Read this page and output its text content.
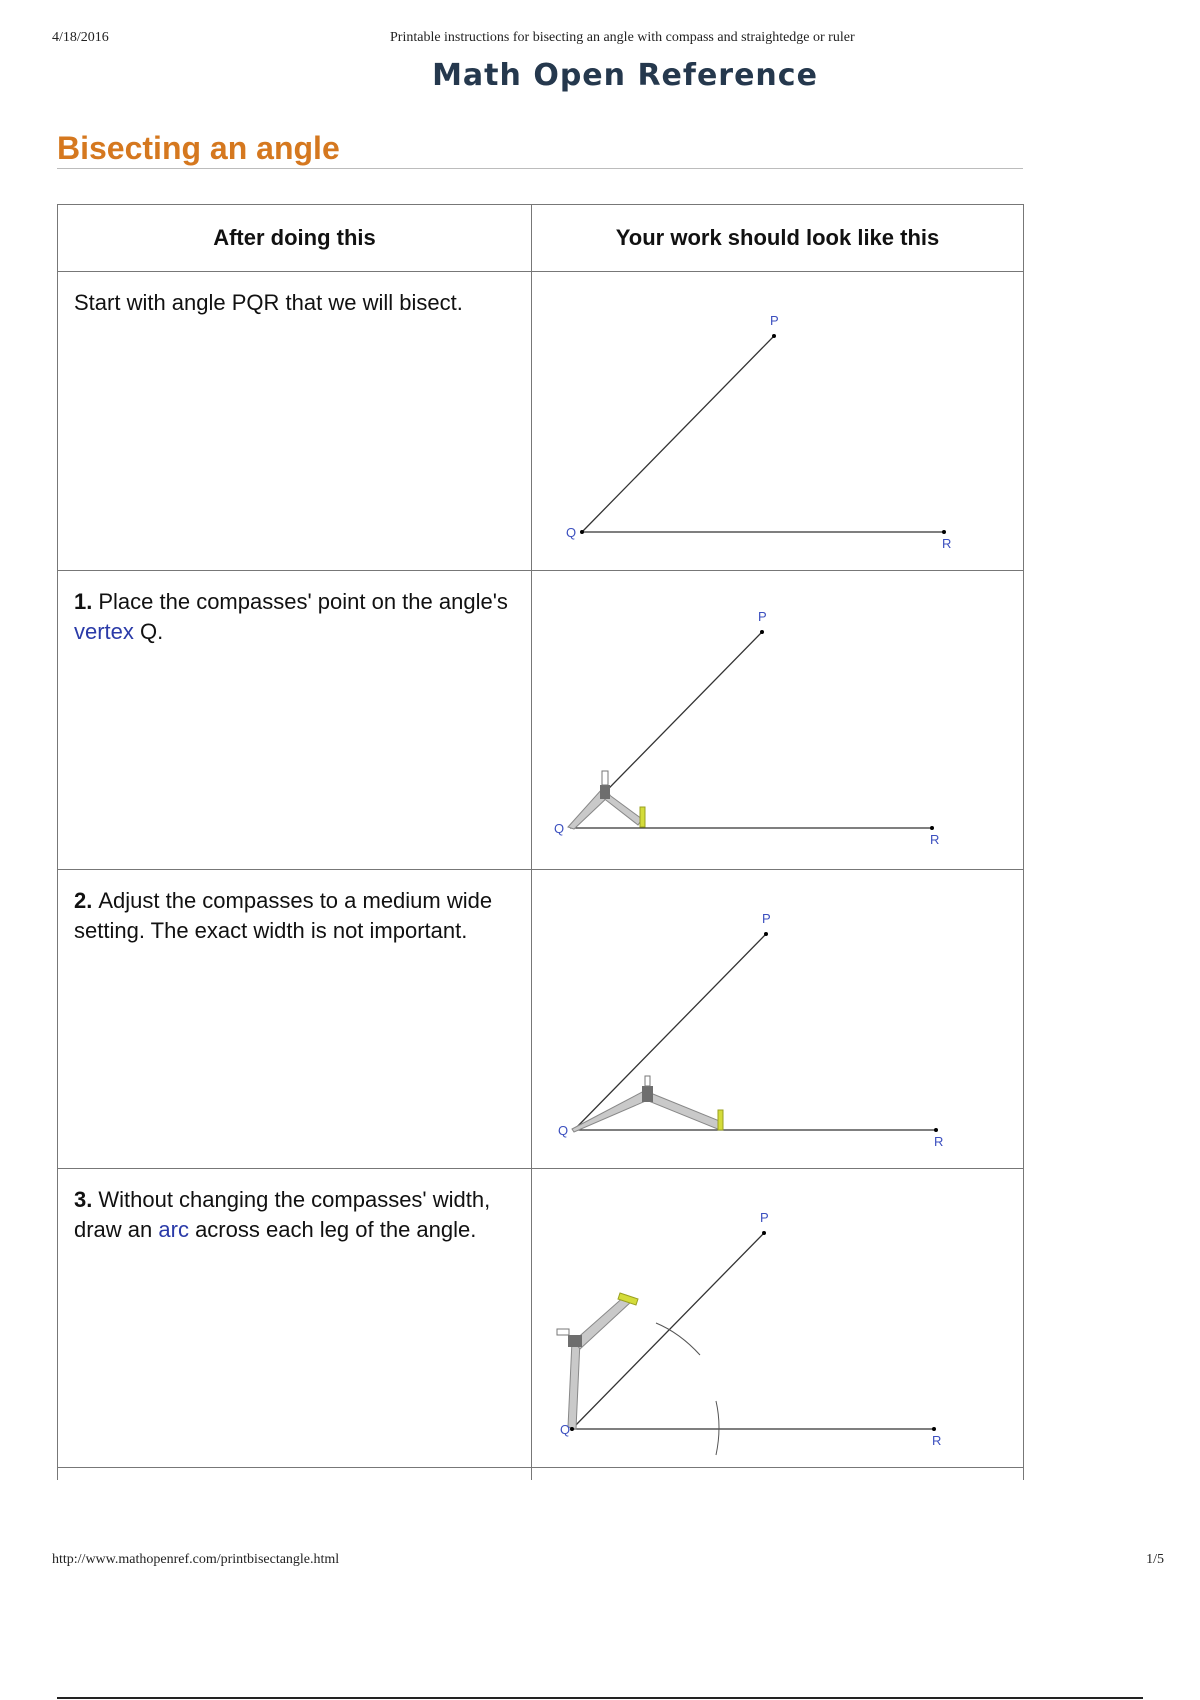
4/18/2016	Printable instructions for bisecting an angle with compass and straightedge or ruler
Math Open Reference
Bisecting an angle
After doing this	Your work should look like this
Start with angle PQR that we will bisect.	P
Q
R

1. Place the compasses' point on the angle's vertex Q.	P
Q
R

2. Adjust the compasses to a medium wide setting. The exact width is not important.	P
Q
R

3. Without changing the compasses' width, draw an arc across each leg of the angle.	P
Q
R

http://www.mathopenref.com/printbisectangle.html	1/5
